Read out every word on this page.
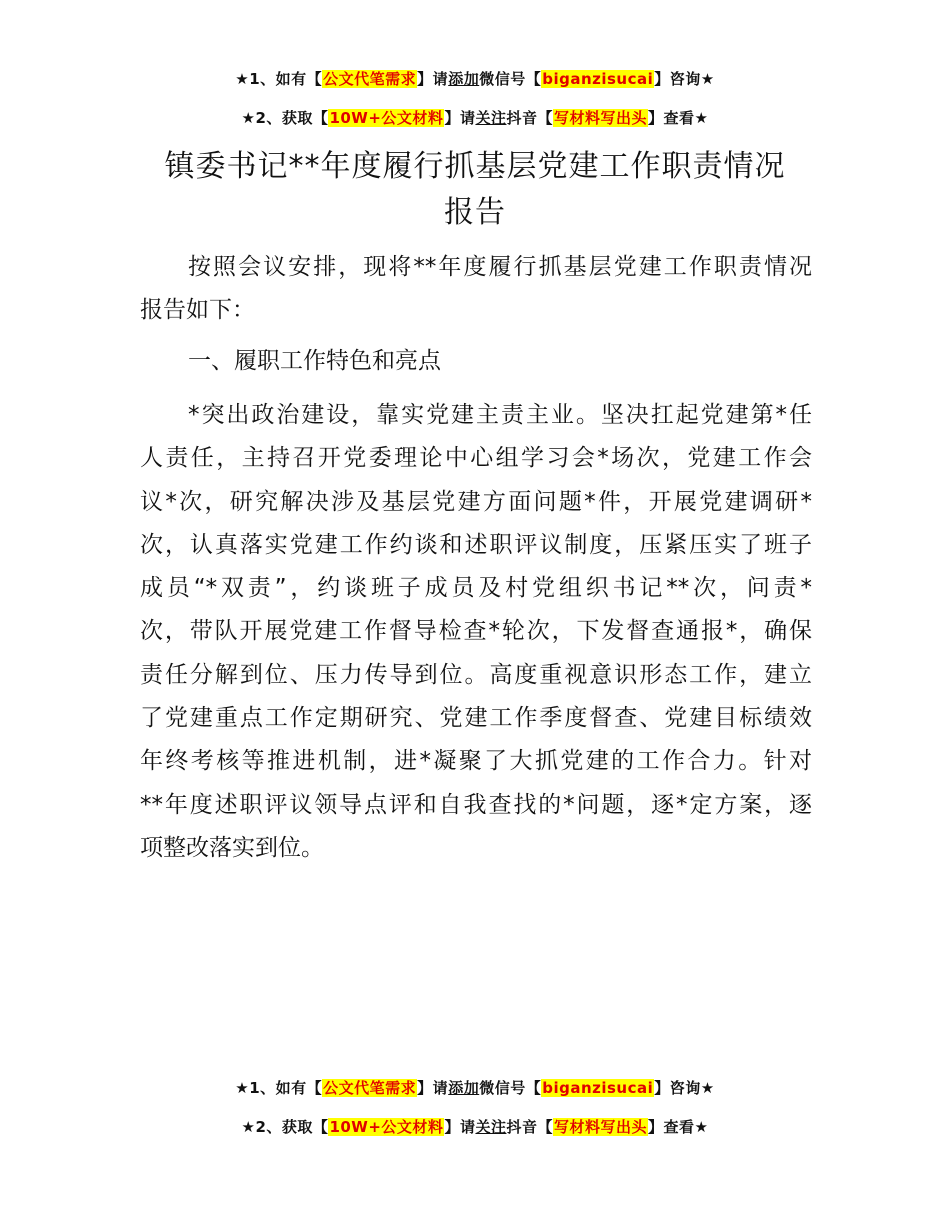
★1、如有【公文代笔需求】请添加微信号【biganzisucai】咨询★
★2、获取【10W+公文材料】请关注抖音【写材料写出头】查看★
镇委书记**年度履行抓基层党建工作职责情况
报告
按照会议安排，现将**年度履行抓基层党建工作职责情况
报告如下：
一、履职工作特色和亮点
*突出政治建设，靠实党建主责主业。坚决扛起党建第*任
人责任，主持召开党委理论中心组学习会*场次，党建工作会
议*次，研究解决涉及基层党建方面问题*件，开展党建调研*
次，认真落实党建工作约谈和述职评议制度，压紧压实了班子
成员“*双责”，约谈班子成员及村党组织书记**次，问责*
次，带队开展党建工作督导检查*轮次，下发督查通报*，确保
责任分解到位、压力传导到位。高度重视意识形态工作，建立
了党建重点工作定期研究、党建工作季度督查、党建目标绩效
年终考核等推进机制，进*凝聚了大抓党建的工作合力。针对
**年度述职评议领导点评和自我查找的*问题，逐*定方案，逐
项整改落实到位。
★1、如有【公文代笔需求】请添加微信号【biganzisucai】咨询★
★2、获取【10W+公文材料】请关注抖音【写材料写出头】查看★
